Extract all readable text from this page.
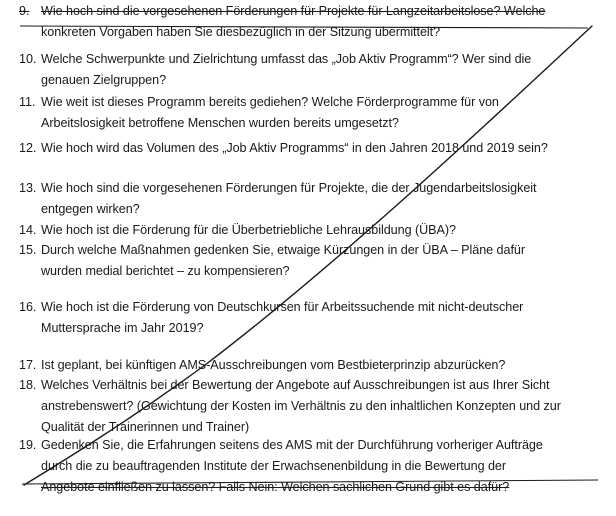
9. Wie hoch sind die vorgesehenen Förderungen für Projekte für Langzeitarbeitslose? Welche
konkreten Vorgaben haben Sie diesbezüglich in der Sitzung übermittelt?
10. Welche Schwerpunkte und Zielrichtung umfasst das „Job Aktiv Programm“? Wer sind die
genauen Zielgruppen?
11. Wie weit ist dieses Programm bereits gediehen? Welche Förderprogramme für von
Arbeitslosigkeit betroffene Menschen wurden bereits umgesetzt?
12. Wie hoch wird das Volumen des „Job Aktiv Programms“ in den Jahren 2018 und 2019 sein?
13. Wie hoch sind die vorgesehenen Förderungen für Projekte, die der Jugendarbeitslosigkeit
entgegen wirken?
14. Wie hoch ist die Förderung für die Überbetriebliche Lehrausbildung (ÜBA)?
15. Durch welche Maßnahmen gedenken Sie, etwaige Kürzungen in der ÜBA – Pläne dafür
wurden medial berichtet – zu kompensieren?
16. Wie hoch ist die Förderung von Deutschkursen für Arbeitssuchende mit nicht-deutscher
Muttersprache im Jahr 2019?
17. Ist geplant, bei künftigen AMS-Ausschreibungen vom Bestbieterprinzip abzurücken?
18. Welches Verhältnis bei der Bewertung der Angebote auf Ausschreibungen ist aus Ihrer Sicht
anstrebenswert? (Gewichtung der Kosten im Verhältnis zu den inhaltlichen Konzepten und zur
Qualität der Trainerinnen und Trainer)
19. Gedenken Sie, die Erfahrungen seitens des AMS mit der Durchführung vorheriger Aufträge
durch die zu beauftragenden Institute der Erwachsenenbildung in die Bewertung der
Angebote einfließen zu lassen? Falls Nein: Welchen sachlichen Grund gibt es dafür?
